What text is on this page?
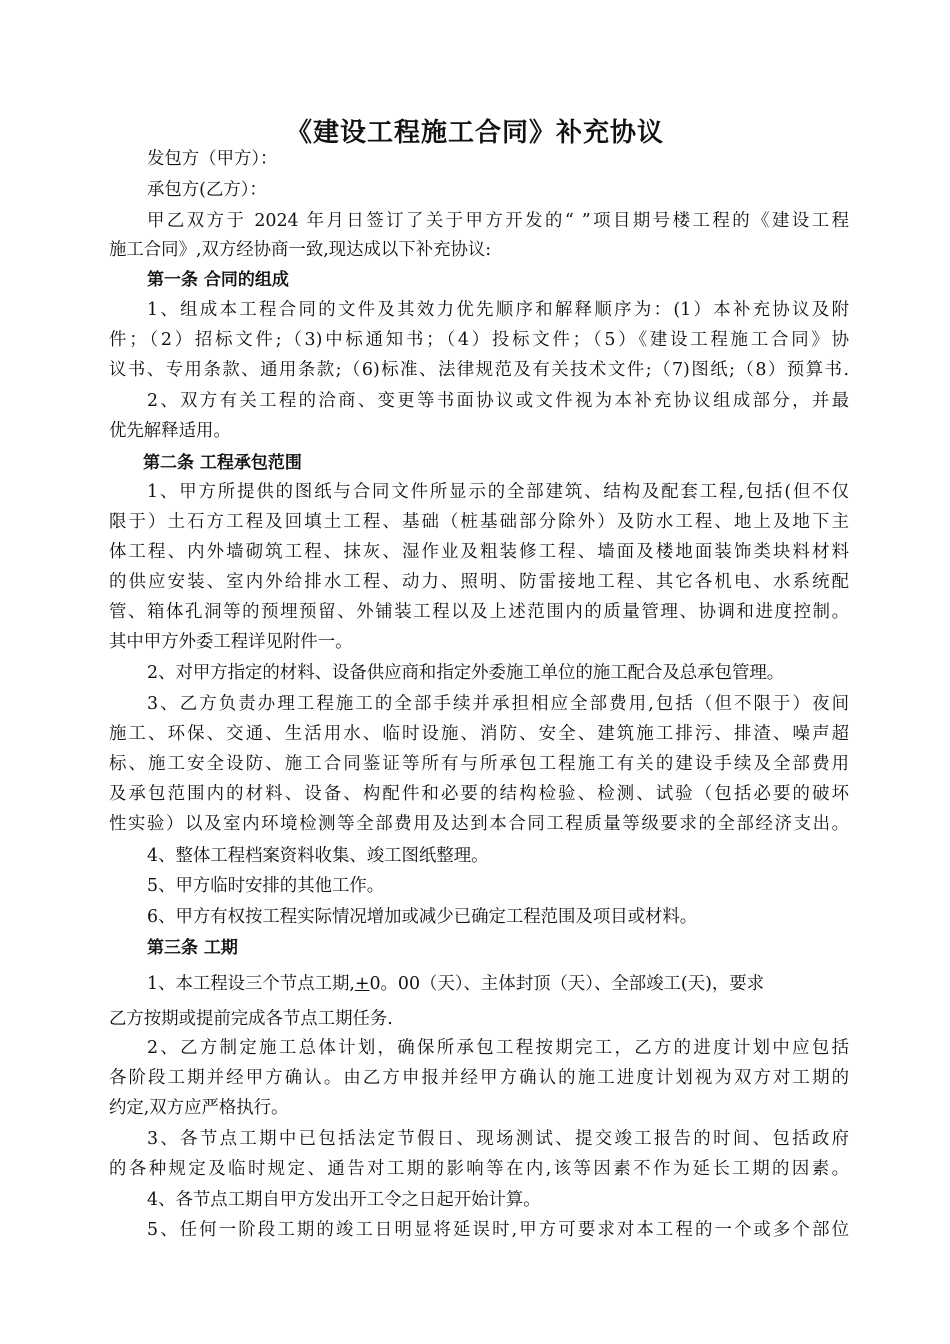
《建设工程施工合同》补充协议

发包方（甲方）：

承包方(乙方）：

甲乙双方于 2024 年月日签订了关于甲方开发的“ ”项目期号楼工程的《建设工程

施工合同》,双方经协商一致,现达成以下补充协议:

第一条 合同的组成

1、组成本工程合同的文件及其效力优先顺序和解释顺序为：(1）本补充协议及附

件；（2）招标文件;（3)中标通知书；（4）投标文件；（5）《建设工程施工合同》协

议书、专用条款、通用条款;（6)标准、法律规范及有关技术文件;（7)图纸;（8）预算书.

2、双方有关工程的洽商、变更等书面协议或文件视为本补充协议组成部分，并最

优先解释适用。

第二条 工程承包范围

1、甲方所提供的图纸与合同文件所显示的全部建筑、结构及配套工程,包括(但不仅

限于）土石方工程及回填土工程、基础（桩基础部分除外）及防水工程、地上及地下主

体工程、内外墙砌筑工程、抹灰、湿作业及粗装修工程、墙面及楼地面装饰类块料材料

的供应安装、室内外给排水工程、动力、照明、防雷接地工程、其它各机电、水系统配

管、箱体孔洞等的预埋预留、外铺装工程以及上述范围内的质量管理、协调和进度控制。

其中甲方外委工程详见附件一。

2、对甲方指定的材料、设备供应商和指定外委施工单位的施工配合及总承包管理。

3、乙方负责办理工程施工的全部手续并承担相应全部费用,包括（但不限于）夜间

施工、环保、交通、生活用水、临时设施、消防、安全、建筑施工排污、排渣、噪声超

标、施工安全设防、施工合同鉴证等所有与所承包工程施工有关的建设手续及全部费用

及承包范围内的材料、设备、构配件和必要的结构检验、检测、试验（包括必要的破坏

性实验）以及室内环境检测等全部费用及达到本合同工程质量等级要求的全部经济支出。

4、整体工程档案资料收集、竣工图纸整理。

5、甲方临时安排的其他工作。

6、甲方有权按工程实际情况增加或减少已确定工程范围及项目或材料。

第三条 工期

1、本工程设三个节点工期,+0。00（天）、主体封顶（天）、全部竣工(天)，要求

乙方按期或提前完成各节点工期任务.

2、乙方制定施工总体计划，确保所承包工程按期完工，乙方的进度计划中应包括

各阶段工期并经甲方确认。由乙方申报并经甲方确认的施工进度计划视为双方对工期的

约定,双方应严格执行。

3、各节点工期中已包括法定节假日、现场测试、提交竣工报告的时间、包括政府

的各种规定及临时规定、通告对工期的影响等在内,该等因素不作为延长工期的因素。

4、各节点工期自甲方发出开工令之日起开始计算。

5、任何一阶段工期的竣工日明显将延误时,甲方可要求对本工程的一个或多个部位
